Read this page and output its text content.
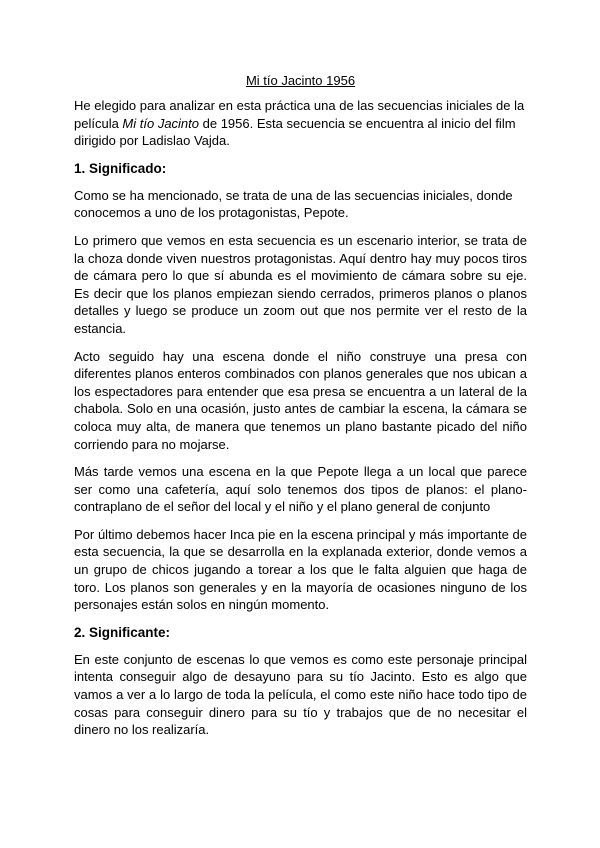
Mi tío Jacinto 1956

He elegido para analizar en esta práctica una de las secuencias iniciales de la película Mi tío Jacinto de 1956. Esta secuencia se encuentra al inicio del film dirigido por Ladislao Vajda.

1. Significado:

Como se ha mencionado, se trata de una de las secuencias iniciales, donde conocemos a uno de los protagonistas, Pepote.

Lo primero que vemos en esta secuencia es un escenario interior, se trata de la choza donde viven nuestros protagonistas. Aquí dentro hay muy pocos tiros de cámara pero lo que sí abunda es el movimiento de cámara sobre su eje. Es decir que los planos empiezan siendo cerrados, primeros planos o planos detalles y luego se produce un zoom out que nos permite ver el resto de la estancia.

Acto seguido hay una escena donde el niño construye una presa con diferentes planos enteros combinados con planos generales que nos ubican a los espectadores para entender que esa presa se encuentra a un lateral de la chabola. Solo en una ocasión, justo antes de cambiar la escena, la cámara se coloca muy alta, de manera que tenemos un plano bastante picado del niño corriendo para no mojarse.

Más tarde vemos una escena en la que Pepote llega a un local que parece ser como una cafetería, aquí solo tenemos dos tipos de planos: el plano-contraplano de el señor del local y el niño y el plano general de conjunto

Por último debemos hacer Inca pie en la escena principal y más importante de esta secuencia, la que se desarrolla en la explanada exterior, donde vemos a un grupo de chicos jugando a torear a los que le falta alguien que haga de toro. Los planos son generales y en la mayoría de ocasiones ninguno de los personajes están solos en ningún momento.

2. Significante:

En este conjunto de escenas lo que vemos es como este personaje principal intenta conseguir algo de desayuno para su tío Jacinto. Esto es algo que vamos a ver a lo largo de toda la película, el como este niño hace todo tipo de cosas para conseguir dinero para su tío y trabajos que de no necesitar el dinero no los realizaría.
